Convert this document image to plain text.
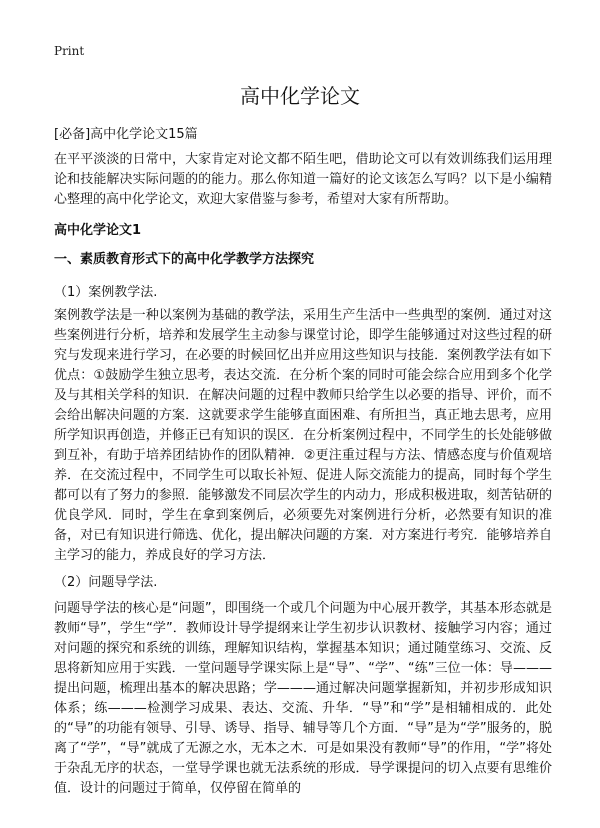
Print
高中化学论文
[必备]高中化学论文15篇

在平平淡淡的日常中，大家肯定对论文都不陌生吧，借助论文可以有效训练我们运用理论和技能解决实际问题的的能力。那么你知道一篇好的论文该怎么写吗？以下是小编精心整理的高中化学论文，欢迎大家借鉴与参考，希望对大家有所帮助。

高中化学论文1
一、素质教育形式下的高中化学教学方法探究
（1）案例教学法.

案例教学法是一种以案例为基础的教学法，采用生产生活中一些典型的案例．通过对这些案例进行分析，培养和发展学生主动参与课堂讨论，即学生能够通过对这些过程的研究与发现来进行学习，在必要的时候回忆出并应用这些知识与技能．案例教学法有如下优点：①鼓励学生独立思考，表达交流．在分析个案的同时可能会综合应用到多个化学及与其相关学科的知识．在解决问题的过程中教师只给学生以必要的指导、评价，而不会给出解决问题的方案．这就要求学生能够直面困难、有所担当，真正地去思考，应用所学知识再创造，并修正已有知识的误区．在分析案例过程中，不同学生的长处能够做到互补，有助于培养团结协作的团队精神．②更注重过程与方法、情感态度与价值观培养．在交流过程中，不同学生可以取长补短、促进人际交流能力的提高，同时每个学生都可以有了努力的参照．能够激发不同层次学生的内动力，形成积极进取，刻苦钻研的优良学风．同时，学生在拿到案例后，必须要先对案例进行分析，必然要有知识的准备，对已有知识进行筛选、优化，提出解决问题的方案．对方案进行考究．能够培养自主学习的能力，养成良好的学习方法．

（2）问题导学法.

问题导学法的核心是“问题”，即围绕一个或几个问题为中心展开教学，其基本形态就是教师“导”，学生“学”．教师设计导学提纲来让学生初步认识教材、接触学习内容；通过对问题的探究和系统的训练，理解知识结构，掌握基本知识；通过随堂练习、交流、反思将新知应用于实践．一堂问题导学课实际上是“导”、“学”、“练”三位一体：导———提出问题，梳理出基本的解决思路；学———通过解决问题掌握新知，并初步形成知识体系；练———检测学习成果、表达、交流、升华．“导”和“学”是相辅相成的．此处的“导”的功能有领导、引导、诱导、指导、辅导等几个方面．“导”是为“学”服务的，脱离了“学”，“导”就成了无源之水，无本之木．可是如果没有教师“导”的作用，“学”将处于杂乱无序的状态，一堂导学课也就无法系统的形成．导学课提问的切入点要有思维价值．设计的问题过于简单，仅停留在简单的
